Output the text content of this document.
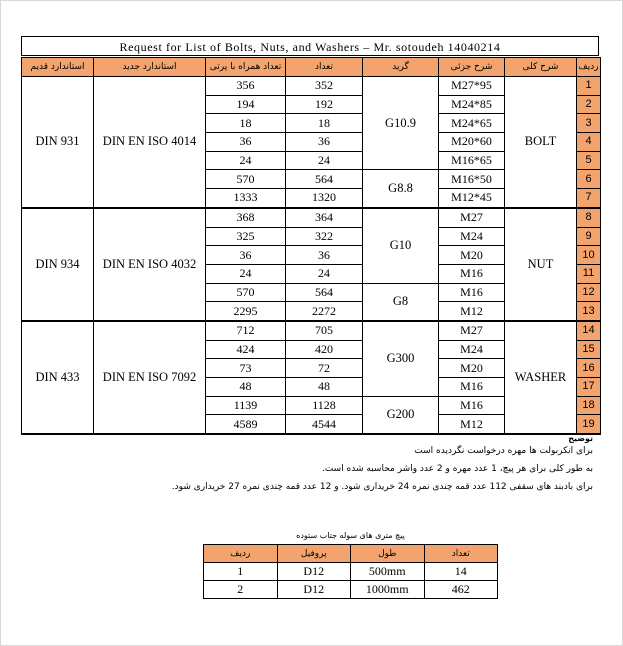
Request for List of Bolts, Nuts, and Washers – Mr. sotoudeh 14040214
استاندارد قدیم	استاندارد جدید	تعداد همراه با پرتی	تعداد	گرید	شرح جزئی	شرح کلی	ردیف
DIN 931	DIN EN ISO 4014	356	352	G10.9	M27*95	BOLT	1
		194	192		M24*85		2
		18	18		M24*65		3
		36	36		M20*60		4
		24	24		M16*65		5
		570	564	G8.8	M16*50		6
		1333	1320		M12*45		7
DIN 934	DIN EN ISO 4032	368	364	G10	M27	NUT	8
		325	322		M24		9
		36	36		M20		10
		24	24		M16		11
		570	564	G8	M16		12
		2295	2272		M12		13
DIN 433	DIN EN ISO 7092	712	705	G300	M27	WASHER	14
		424	420		M24		15
		73	72		M20		16
		48	48		M16		17
		1139	1128	G200	M16		18
		4589	4544		M12		19
توضیح
برای انکربولت ها مهره درخواست نگردیده است
به طور کلی برای هر پیچ، 1 عدد مهره و 2 عدد واشر محاسبه شده است.
برای بادبند های سقفی 112 عدد قمه چندی نمره 24 خریداری شود. و 12 عدد قمه چندی نمره 27 خریداری شود.
پیچ متری های سوله جتاب ستوده
ردیف	پروفیل	طول	تعداد
1	D12	500mm	14
2	D12	1000mm	462
